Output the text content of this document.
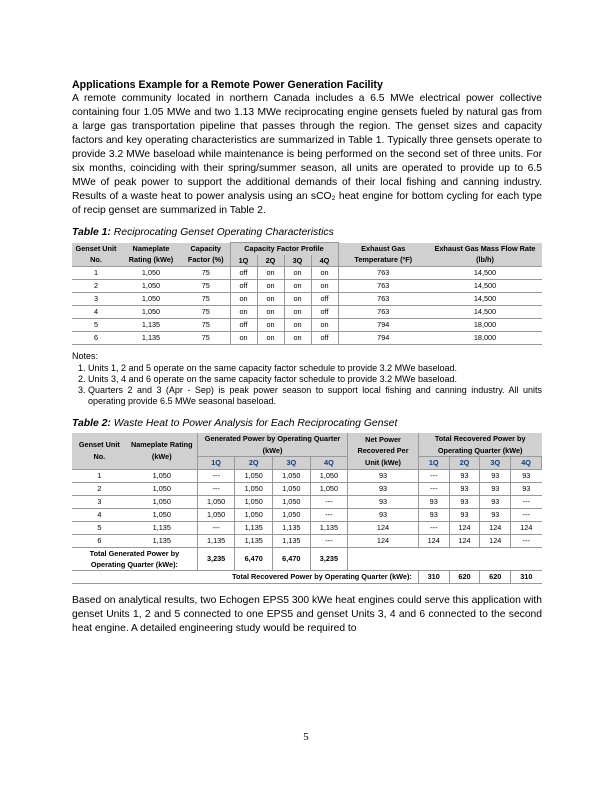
Applications Example for a Remote Power Generation Facility
A remote community located in northern Canada includes a 6.5 MWe electrical power collective containing four 1.05 MWe and two 1.13 MWe reciprocating engine gensets fueled by natural gas from a large gas transportation pipeline that passes through the region. The genset sizes and capacity factors and key operating characteristics are summarized in Table 1. Typically three gensets operate to provide 3.2 MWe baseload while maintenance is being performed on the second set of three units. For six months, coinciding with their spring/summer season, all units are operated to provide up to 6.5 MWe of peak power to support the additional demands of their local fishing and canning industry. Results of a waste heat to power analysis using an sCO₂ heat engine for bottom cycling for each type of recip genset are summarized in Table 2.
Table 1: Reciprocating Genset Operating Characteristics
Genset Unit No.	Nameplate Rating (kWe)	Capacity Factor (%)	Capacity Factor Profile				Exhaust Gas Temperature (ºF)	Exhaust Gas Mass Flow Rate (lb/h)
			1Q	2Q	3Q	4Q		
1	1,050	75	off	on	on	on	763	14,500
2	1,050	75	off	on	on	on	763	14,500
3	1,050	75	on	on	on	off	763	14,500
4	1,050	75	on	on	on	off	763	14,500
5	1,135	75	off	on	on	on	794	18,000
6	1,135	75	on	on	on	off	794	18,000
Notes:
1. Units 1, 2 and 5 operate on the same capacity factor schedule to provide 3.2 MWe baseload.
2. Units 3, 4 and 6 operate on the same capacity factor schedule to provide 3.2 MWe baseload.
3. Quarters 2 and 3 (Apr - Sep) is peak power season to support local fishing and canning industry. All units operating provide 6.5 MWe seasonal baseload.
Table 2: Waste Heat to Power Analysis for Each Reciprocating Genset
Genset Unit No.	Nameplate Rating (kWe)	Generated Power by Operating Quarter (kWe)				Net Power Recovered Per Unit (kWe)	Total Recovered Power by Operating Quarter (kWe)			
		1Q	2Q	3Q	4Q		1Q	2Q	3Q	4Q
1	1,050	---	1,050	1,050	1,050	93	---	93	93	93
2	1,050	---	1,050	1,050	1,050	93	---	93	93	93
3	1,050	1,050	1,050	1,050	---	93	93	93	93	---
4	1,050	1,050	1,050	1,050	---	93	93	93	93	---
5	1,135	---	1,135	1,135	1,135	124	---	124	124	124
6	1,135	1,135	1,135	1,135	---	124	124	124	124	---
Total Generated Power by Operating Quarter (kWe):		3,235	6,470	6,470	3,235					
Total Recovered Power by Operating Quarter (kWe):							310	620	620	310
Based on analytical results, two Echogen EPS5 300 kWe heat engines could serve this application with genset Units 1, 2 and 5 connected to one EPS5 and genset Units 3, 4 and 6 connected to the second heat engine. A detailed engineering study would be required to
5
